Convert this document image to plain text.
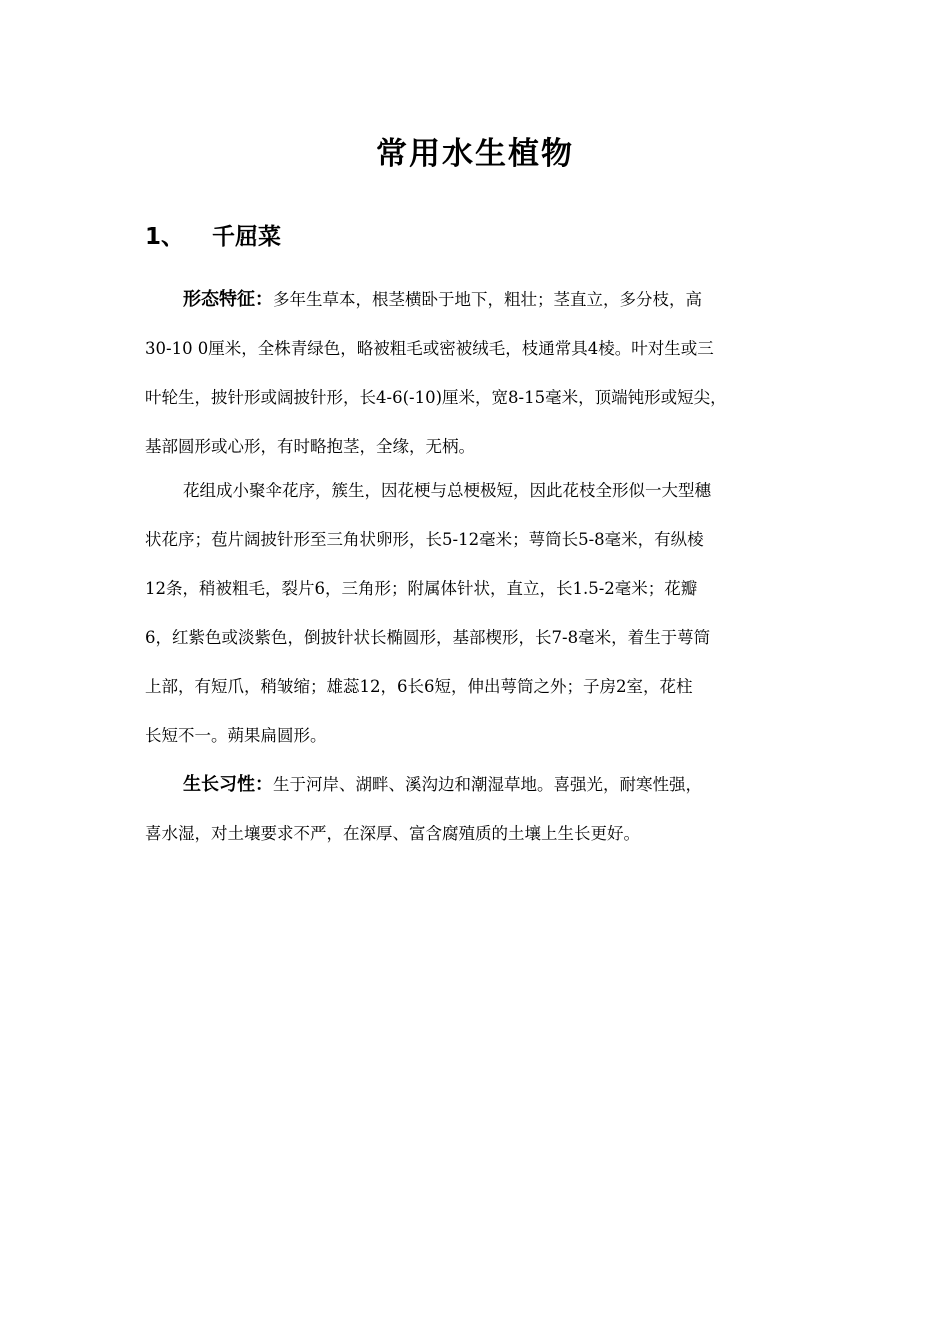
常用水生植物
1、 千屈菜
形态特征：多年生草本，根茎横卧于地下，粗壮；茎直立，多分枝，高
30-10 0厘米，全株青绿色，略被粗毛或密被绒毛，枝通常具4棱。叶对生或三
叶轮生，披针形或阔披针形，长4-6(-10)厘米，宽8-15毫米，顶端钝形或短尖，
基部圆形或心形，有时略抱茎，全缘，无柄。
花组成小聚伞花序，簇生，因花梗与总梗极短，因此花枝全形似一大型穗
状花序；苞片阔披针形至三角状卵形，长5-12毫米；萼筒长5-8毫米，有纵棱
12条，稍被粗毛，裂片6，三角形；附属体针状，直立，长1.5-2毫米；花瓣
6，红紫色或淡紫色，倒披针状长椭圆形，基部楔形，长7-8毫米，着生于萼筒
上部，有短爪，稍皱缩；雄蕊12，6长6短，伸出萼筒之外；子房2室，花柱
长短不一。蒴果扁圆形。
生长习性：生于河岸、湖畔、溪沟边和潮湿草地。喜强光，耐寒性强，
喜水湿，对土壤要求不严，在深厚、富含腐殖质的土壤上生长更好。
